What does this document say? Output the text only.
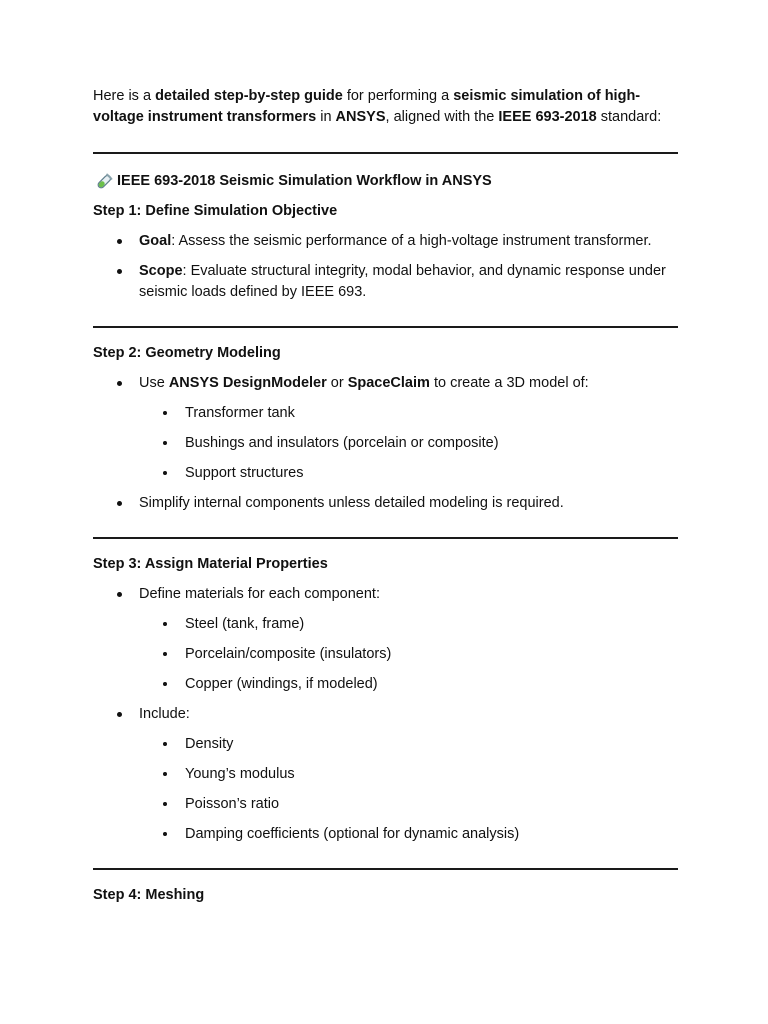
Here is a detailed step-by-step guide for performing a seismic simulation of high-voltage instrument transformers in ANSYS, aligned with the IEEE 693-2018 standard:

IEEE 693-2018 Seismic Simulation Workflow in ANSYS
Step 1: Define Simulation Objective
Goal: Assess the seismic performance of a high-voltage instrument transformer.
Scope: Evaluate structural integrity, modal behavior, and dynamic response under seismic loads defined by IEEE 693.
Step 2: Geometry Modeling
Use ANSYS DesignModeler or SpaceClaim to create a 3D model of:
Transformer tank
Bushings and insulators (porcelain or composite)
Support structures
Simplify internal components unless detailed modeling is required.
Step 3: Assign Material Properties
Define materials for each component:
Steel (tank, frame)
Porcelain/composite (insulators)
Copper (windings, if modeled)
Include:
Density
Young’s modulus
Poisson’s ratio
Damping coefficients (optional for dynamic analysis)
Step 4: Meshing
